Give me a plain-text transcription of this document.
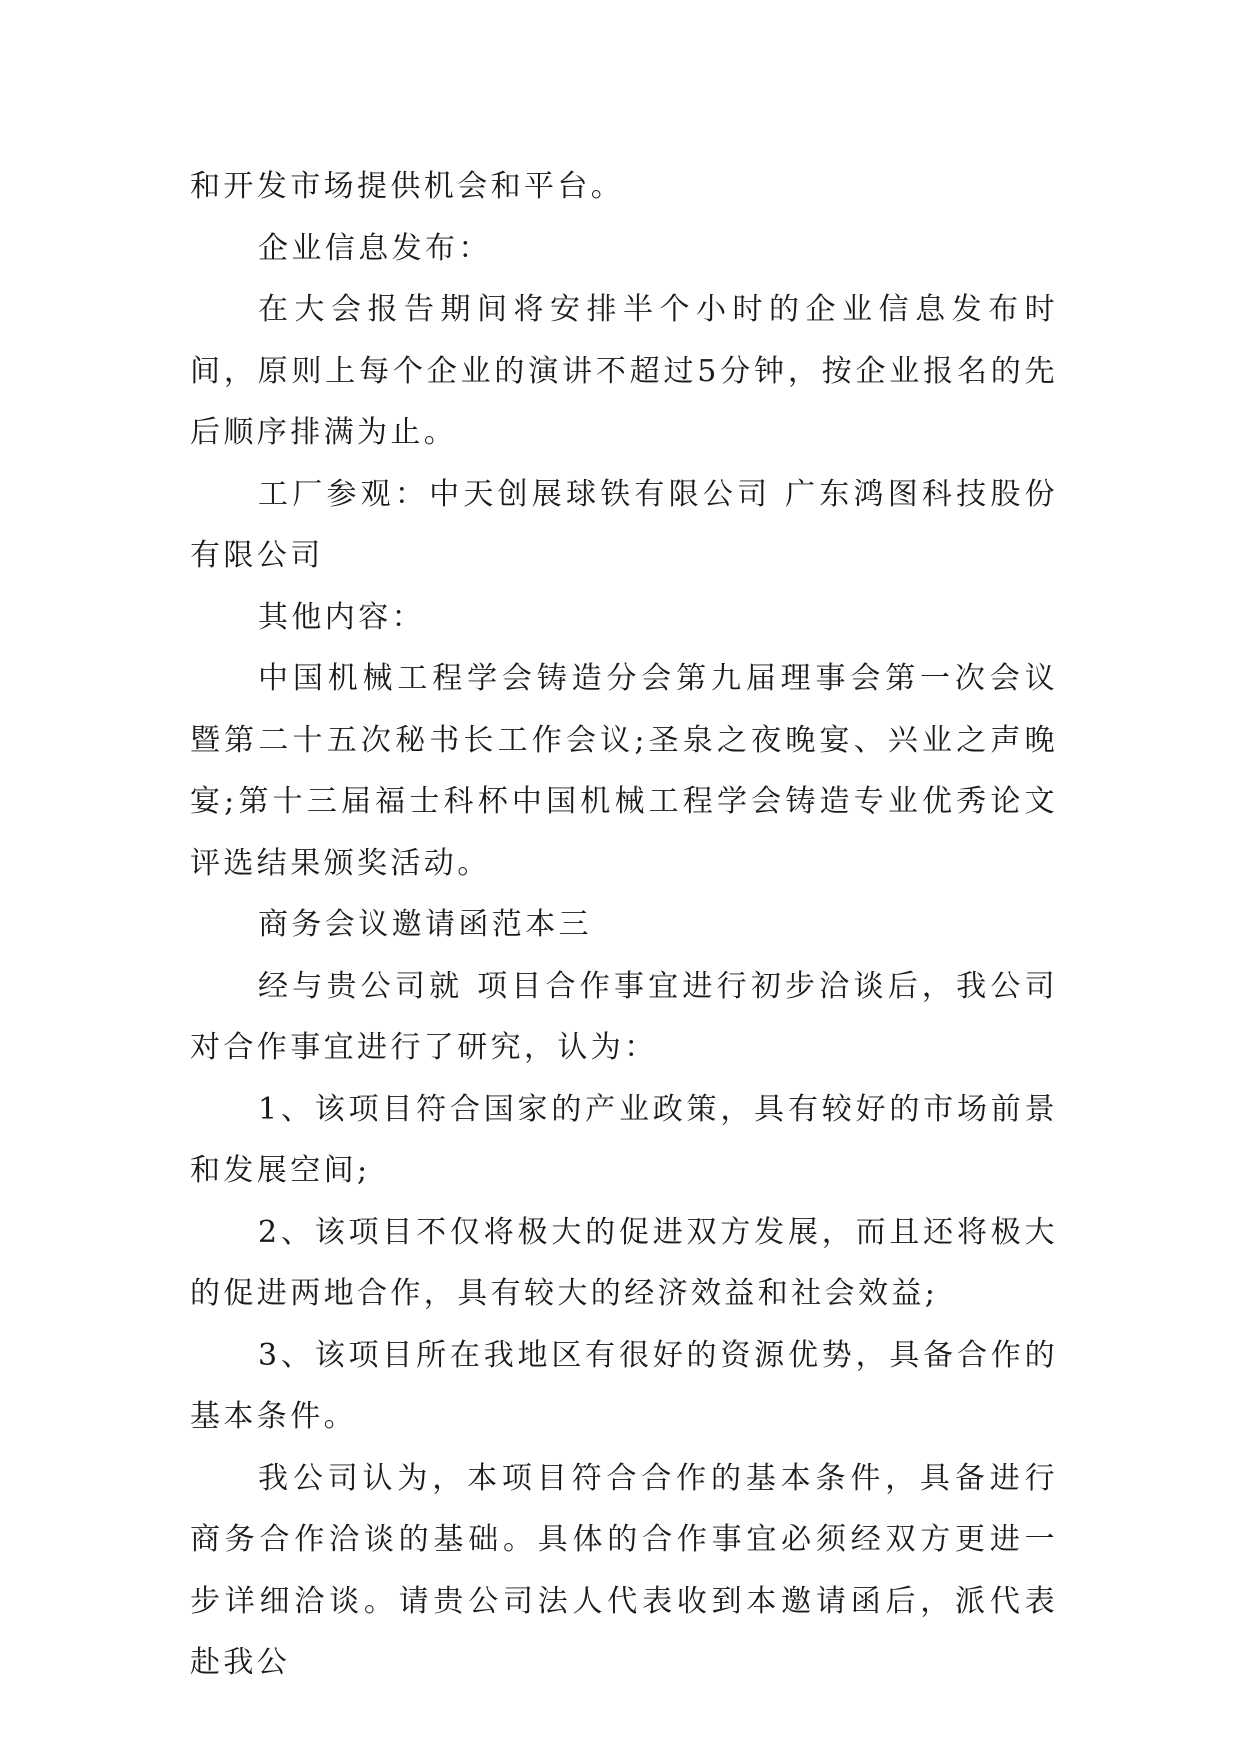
和开发市场提供机会和平台。

企业信息发布：

在大会报告期间将安排半个小时的企业信息发布时间，原则上每个企业的演讲不超过5分钟，按企业报名的先后顺序排满为止。

工厂参观：中天创展球铁有限公司 广东鸿图科技股份有限公司

其他内容：

中国机械工程学会铸造分会第九届理事会第一次会议暨第二十五次秘书长工作会议;圣泉之夜晚宴、兴业之声晚宴;第十三届福士科杯中国机械工程学会铸造专业优秀论文评选结果颁奖活动。

商务会议邀请函范本三

经与贵公司就 项目合作事宜进行初步洽谈后，我公司对合作事宜进行了研究，认为：

1、该项目符合国家的产业政策，具有较好的市场前景和发展空间;

2、该项目不仅将极大的促进双方发展，而且还将极大的促进两地合作，具有较大的经济效益和社会效益;

3、该项目所在我地区有很好的资源优势，具备合作的基本条件。

我公司认为，本项目符合合作的基本条件，具备进行商务合作洽谈的基础。具体的合作事宜必须经双方更进一步详细洽谈。请贵公司法人代表收到本邀请函后，派代表赴我公
